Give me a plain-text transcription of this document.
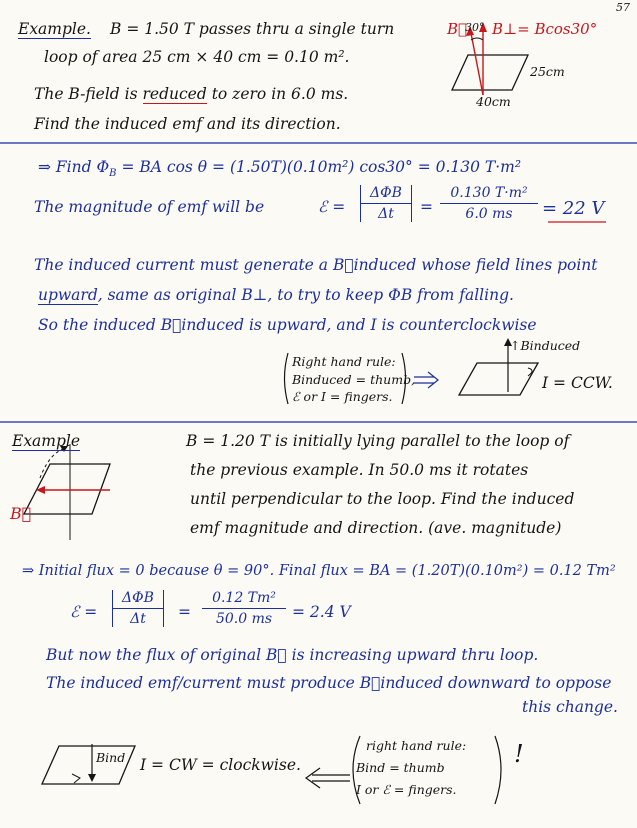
57
Example. B = 1.50 T passes thru a single turn
loop of area 25 cm × 40 cm = 0.10 m².
The B-field is reduced to zero in 6.0 ms.
Find the induced emf and its direction.
B⃗
30° B⊥= Bcos30°
25cm
40cm
⇒ Find $\Phi_B$ = BA cos θ = (1.50T)(0.10m²) cos30° = 0.130 T·m²
The magnitude of emf will be	ℰ =
ΔΦB
Δt	=
0.130 T·m²
6.0 ms	= 22 V
The induced current must generate a B⃗induced whose field lines point
upward, same as original B⊥, to try to keep ΦB from falling.
So the induced B⃗induced is upward, and I is counterclockwise
Right hand rule:
Binduced = thumb,
ℰ or I = fingers.
↑Binduced
I = CCW.
Example	B = 1.20 T is initially lying parallel to the loop of
the previous example. In 50.0 ms it rotates
until perpendicular to the loop. Find the induced
emf magnitude and direction. (ave. magnitude)
B⃗
⇒ Initial flux = 0 because θ = 90°. Final flux = BA = (1.20T)(0.10m²) = 0.12 Tm²
ℰ =
ΔΦB
Δt	=
0.12 Tm²
50.0 ms	= 2.4 V
But now the flux of original B⃗ is increasing upward thru loop.
The induced emf/current must produce B⃗induced downward to oppose
this change.
Bind I = CW = clockwise.
right hand rule:
Bind = thumb
I or ℰ = fingers.
!
